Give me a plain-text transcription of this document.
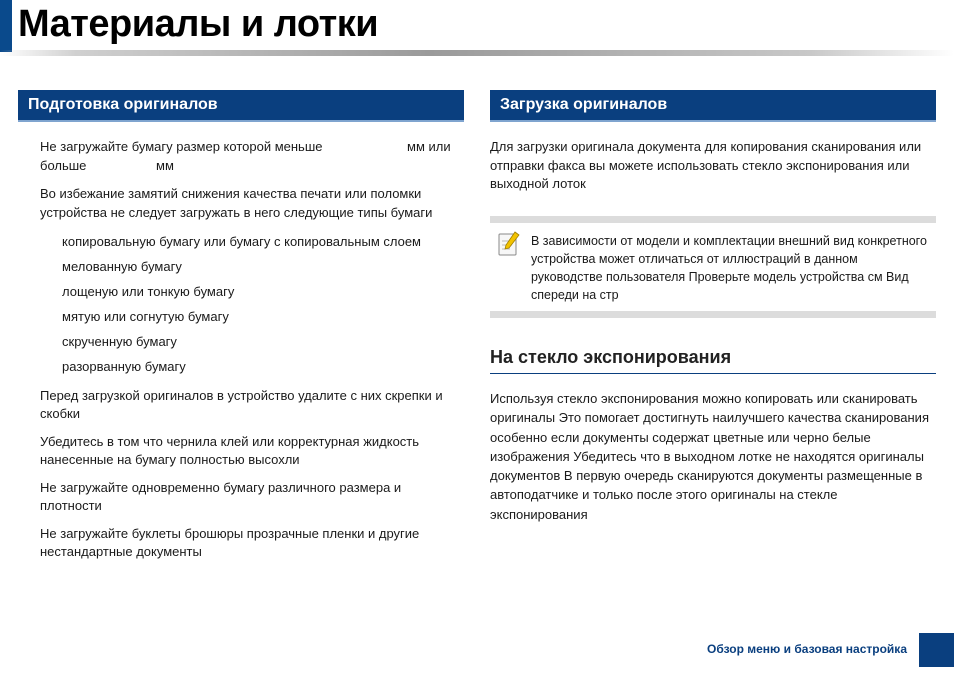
Материалы и лотки
Подготовка оригиналов
Не загружайте бумагу размер которой меньше	мм или
больше	мм
Во избежание замятий снижения качества печати или поломки устройства не следует загружать в него следующие типы бумаги
копировальную бумагу или бумагу с копировальным слоем
мелованную бумагу
лощеную или тонкую бумагу
мятую или согнутую бумагу
скрученную бумагу
разорванную бумагу
Перед загрузкой оригиналов в устройство удалите с них скрепки и скобки
Убедитесь в том что чернила клей или корректурная жидкость нанесенные на бумагу полностью высохли
Не загружайте одновременно бумагу различного размера и плотности
Не загружайте буклеты брошюры прозрачные пленки и другие нестандартные документы
Загрузка оригиналов
Для загрузки оригинала документа для копирования сканирования или отправки факса вы можете использовать стекло экспонирования или выходной лоток
В зависимости от модели и комплектации внешний вид конкретного устройства может отличаться от иллюстраций в данном руководстве пользователя Проверьте модель устройства см Вид спереди на стр
На стекло экспонирования
Используя стекло экспонирования можно копировать или сканировать оригиналы Это помогает достигнуть наилучшего качества сканирования особенно если документы содержат цветные или черно белые изображения Убедитесь что в выходном лотке не находятся оригиналы документов В первую очередь сканируются документы размещенные в автоподатчике и только после этого оригиналы на стекле экспонирования
Обзор меню и базовая настройка
